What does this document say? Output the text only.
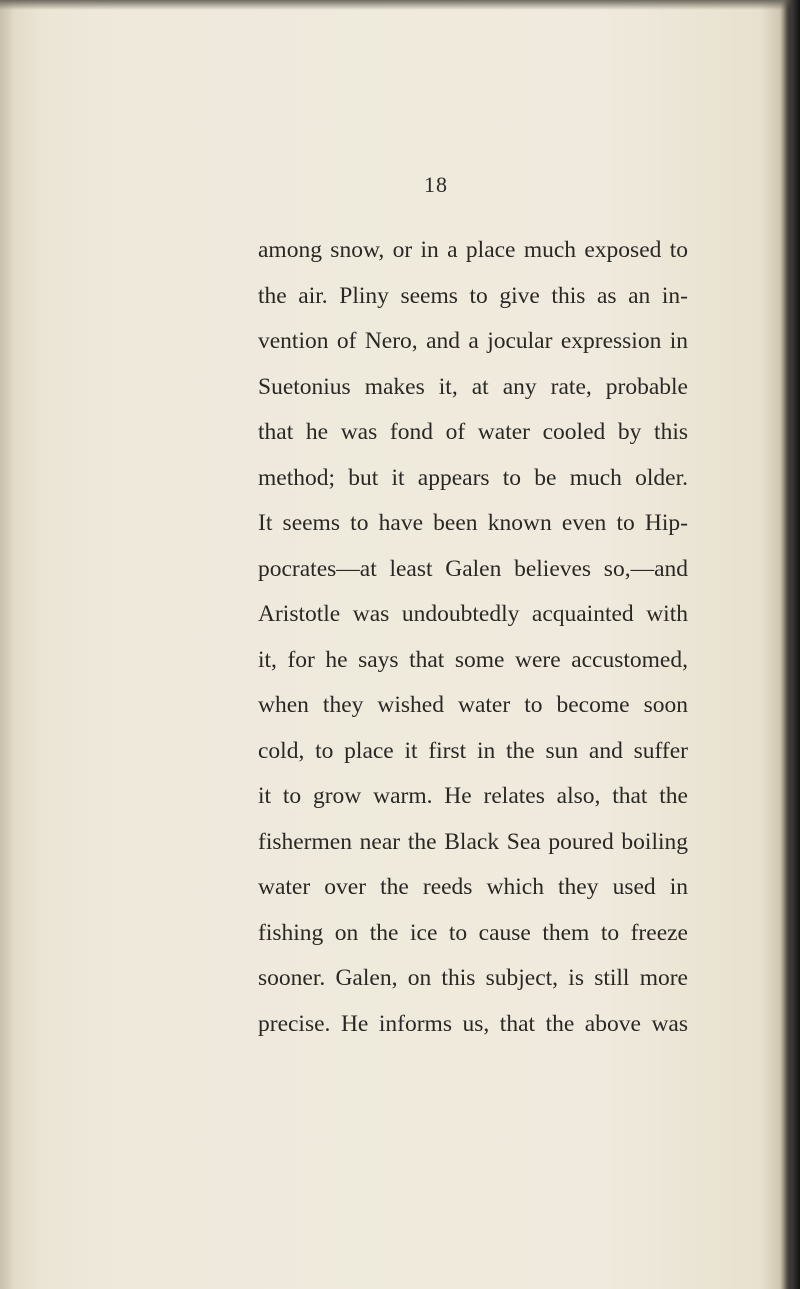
18
among snow, or in a place much exposed to
the air. Pliny seems to give this as an in-
vention of Nero, and a jocular expression in
Suetonius makes it, at any rate, probable
that he was fond of water cooled by this
method; but it appears to be much older.
It seems to have been known even to Hip-
pocrates—at least Galen believes so,—and
Aristotle was undoubtedly acquainted with
it, for he says that some were accustomed,
when they wished water to become soon
cold, to place it first in the sun and suffer
it to grow warm. He relates also, that the
fishermen near the Black Sea poured boiling
water over the reeds which they used in
fishing on the ice to cause them to freeze
sooner. Galen, on this subject, is still more
precise. He informs us, that the above was
